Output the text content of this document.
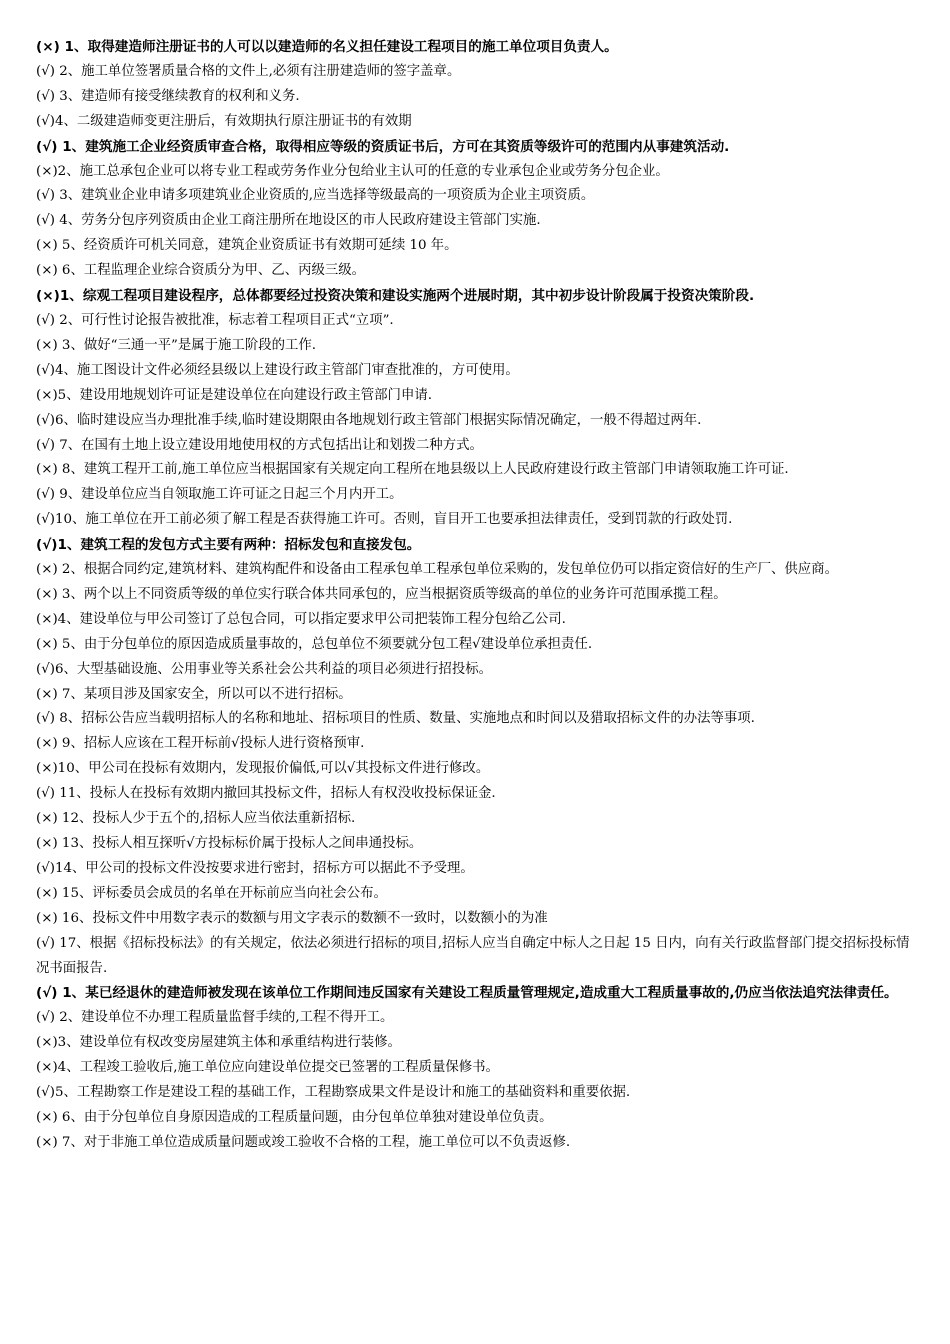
(×) 1、取得建造师注册证书的人可以以建造师的名义担任建设工程项目的施工单位项目负责人。

(√) 2、施工单位签署质量合格的文件上,必须有注册建造师的签字盖章。

(√) 3、建造师有接受继续教育的权利和义务.

(√)4、二级建造师变更注册后，有效期执行原注册证书的有效期

(√) 1、建筑施工企业经资质审查合格，取得相应等级的资质证书后，方可在其资质等级许可的范围内从事建筑活动.

(×)2、施工总承包企业可以将专业工程或劳务作业分包给业主认可的任意的专业承包企业或劳务分包企业。

(√) 3、建筑业企业申请多项建筑业企业资质的,应当选择等级最高的一项资质为企业主项资质。

(√) 4、劳务分包序列资质由企业工商注册所在地设区的市人民政府建设主管部门实施.

(×) 5、经资质许可机关同意，建筑企业资质证书有效期可延续 10 年。

(×) 6、工程监理企业综合资质分为甲、乙、丙级三级。

(×)1、综观工程项目建设程序，总体都要经过投资决策和建设实施两个进展时期，其中初步设计阶段属于投资决策阶段.

(√) 2、可行性讨论报告被批准，标志着工程项目正式“立项”.

(×) 3、做好“三通一平”是属于施工阶段的工作.

(√)4、施工图设计文件必须经县级以上建设行政主管部门审查批准的，方可使用。

(×)5、建设用地规划许可证是建设单位在向建设行政主管部门申请.

(√)6、临时建设应当办理批准手续,临时建设期限由各地规划行政主管部门根据实际情况确定，一般不得超过两年.

(√) 7、在国有土地上设立建设用地使用权的方式包括出让和划拨二种方式。

(×) 8、建筑工程开工前,施工单位应当根据国家有关规定向工程所在地县级以上人民政府建设行政主管部门申请领取施工许可证.

(√) 9、建设单位应当自领取施工许可证之日起三个月内开工。

(√)10、施工单位在开工前必须了解工程是否获得施工许可。否则，盲目开工也要承担法律责任，受到罚款的行政处罚.

(√)1、建筑工程的发包方式主要有两种：招标发包和直接发包。

(×) 2、根据合同约定,建筑材料、建筑构配件和设备由工程承包单工程承包单位采购的，发包单位仍可以指定资信好的生产厂、供应商。

(×) 3、两个以上不同资质等级的单位实行联合体共同承包的，应当根据资质等级高的单位的业务许可范围承揽工程。

(×)4、建设单位与甲公司签订了总包合同，可以指定要求甲公司把装饰工程分包给乙公司.

(×) 5、由于分包单位的原因造成质量事故的，总包单位不须要就分包工程√建设单位承担责任.

(√)6、大型基础设施、公用事业等关系社会公共利益的项目必须进行招投标。

(×) 7、某项目涉及国家安全，所以可以不进行招标。

(√) 8、招标公告应当载明招标人的名称和地址、招标项目的性质、数量、实施地点和时间以及猎取招标文件的办法等事项.

(×) 9、招标人应该在工程开标前√投标人进行资格预审.

(×)10、甲公司在投标有效期内，发现报价偏低,可以√其投标文件进行修改。

(√) 11、投标人在投标有效期内撤回其投标文件，招标人有权没收投标保证金.

(×) 12、投标人少于五个的,招标人应当依法重新招标.

(×) 13、投标人相互探听√方投标标价属于投标人之间串通投标。

(√)14、甲公司的投标文件没按要求进行密封，招标方可以据此不予受理。

(×) 15、评标委员会成员的名单在开标前应当向社会公布。

(×) 16、投标文件中用数字表示的数额与用文字表示的数额不一致时，以数额小的为准

(√) 17、根据《招标投标法》的有关规定，依法必须进行招标的项目,招标人应当自确定中标人之日起 15 日内，向有关行政监督部门提交招标投标情况书面报告.

(√) 1、某已经退休的建造师被发现在该单位工作期间违反国家有关建设工程质量管理规定,造成重大工程质量事故的,仍应当依法追究法律责任。

(√) 2、建设单位不办理工程质量监督手续的,工程不得开工。

(×)3、建设单位有权改变房屋建筑主体和承重结构进行装修。

(×)4、工程竣工验收后,施工单位应向建设单位提交已签署的工程质量保修书。

(√)5、工程勘察工作是建设工程的基础工作，工程勘察成果文件是设计和施工的基础资料和重要依据.

(×) 6、由于分包单位自身原因造成的工程质量问题，由分包单位单独对建设单位负责。

(×) 7、对于非施工单位造成质量问题或竣工验收不合格的工程，施工单位可以不负责返修.
